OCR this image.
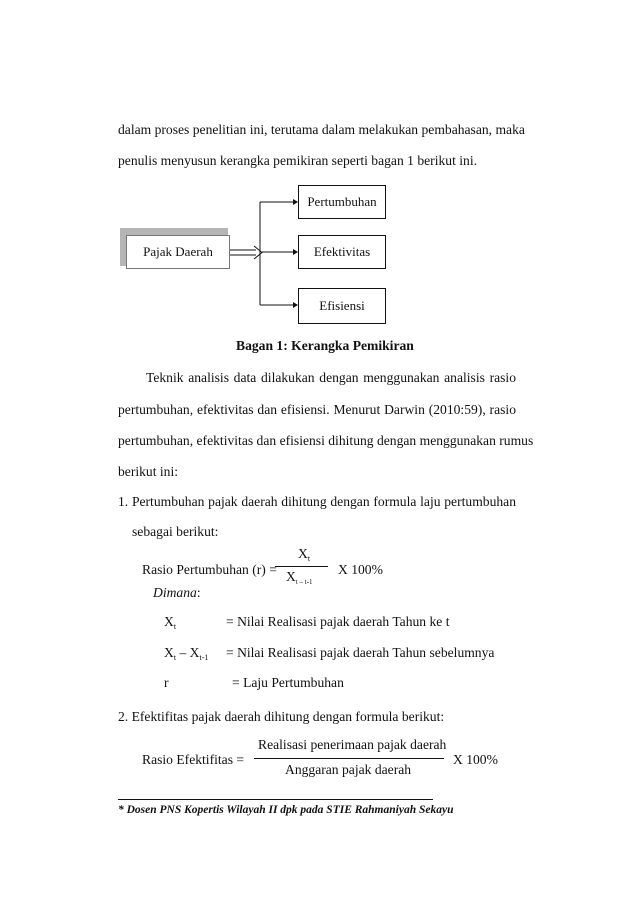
dalam proses penelitian ini, terutama dalam melakukan pembahasan, maka
penulis menyusun kerangka pemikiran seperti bagan 1 berikut ini.
Pajak Daerah
Pertumbuhan
Efektivitas
Efisiensi
Bagan 1: Kerangka Pemikiran
Teknik analisis data dilakukan dengan menggunakan analisis rasio
pertumbuhan, efektivitas dan efisiensi. Menurut Darwin (2010:59), rasio
pertumbuhan, efektivitas dan efisiensi dihitung dengan menggunakan rumus
berikut ini:
1. Pertumbuhan pajak daerah dihitung dengan formula laju pertumbuhan
sebagai berikut:
Rasio Pertumbuhan (r) =
$X_t$
$X_{t - t-1}$
X 100%
Dimana:
$X_t$	= Nilai Realisasi pajak daerah Tahun ke t
$X_t - X_{t-1}$ = Nilai Realisasi pajak daerah Tahun sebelumnya
r	= Laju Pertumbuhan
2. Efektifitas pajak daerah dihitung dengan formula berikut:
Rasio Efektifitas =
Realisasi penerimaan pajak daerah
Anggaran pajak daerah
X 100%
* Dosen PNS Kopertis Wilayah II dpk pada STIE Rahmaniyah Sekayu
